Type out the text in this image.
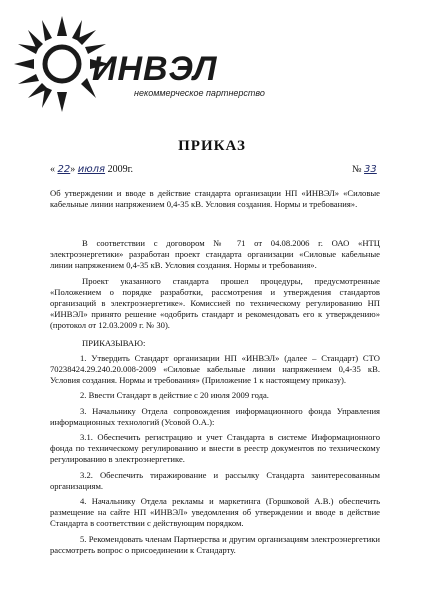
ИНВЭЛ
некоммерческое партнерство
ПРИКАЗ
« 22» июля 2009г.	№ 33
Об утверждении и вводе в действие стандарта организации НП «ИНВЭЛ» «Силовые кабельные линии напряжением 0,4-35 кВ. Условия создания. Нормы и требования».

В соответствии с договором № 71 от 04.08.2006 г. ОАО «НТЦ электроэнергетики» разработан проект стандарта организации «Силовые кабельные линии напряжением 0,4-35 кВ. Условия создания. Нормы и требования».

Проект указанного стандарта прошел процедуры, предусмотренные «Положением о порядке разработки, рассмотрения и утверждения стандартов организаций в электроэнергетике». Комиссией по техническому регулированию НП «ИНВЭЛ» принято решение «одобрить стандарт и рекомендовать его к утверждению» (протокол от 12.03.2009 г. № 30).

ПРИКАЗЫВАЮ:

1. Утвердить Стандарт организации НП «ИНВЭЛ» (далее – Стандарт) СТО 70238424.29.240.20.008-2009 «Силовые кабельные линии напряжением 0,4-35 кВ. Условия создания. Нормы и требования» (Приложение 1 к настоящему приказу).

2. Ввести Стандарт в действие с 20 июля 2009 года.

3. Начальнику Отдела сопровождения информационного фонда Управления информационных технологий (Усовой О.А.):

3.1. Обеспечить регистрацию и учет Стандарта в системе Информационного фонда по техническому регулированию и внести в реестр документов по техническому регулированию в электроэнергетике.

3.2. Обеспечить тиражирование и рассылку Стандарта заинтересованным организациям.

4. Начальнику Отдела рекламы и маркетинга (Горшковой А.В.) обеспечить размещение на сайте НП «ИНВЭЛ» уведомления об утверждении и вводе в действие Стандарта в соответствии с действующим порядком.

5. Рекомендовать членам Партнерства и другим организациям электроэнергетики рассмотреть вопрос о присоединении к Стандарту.
